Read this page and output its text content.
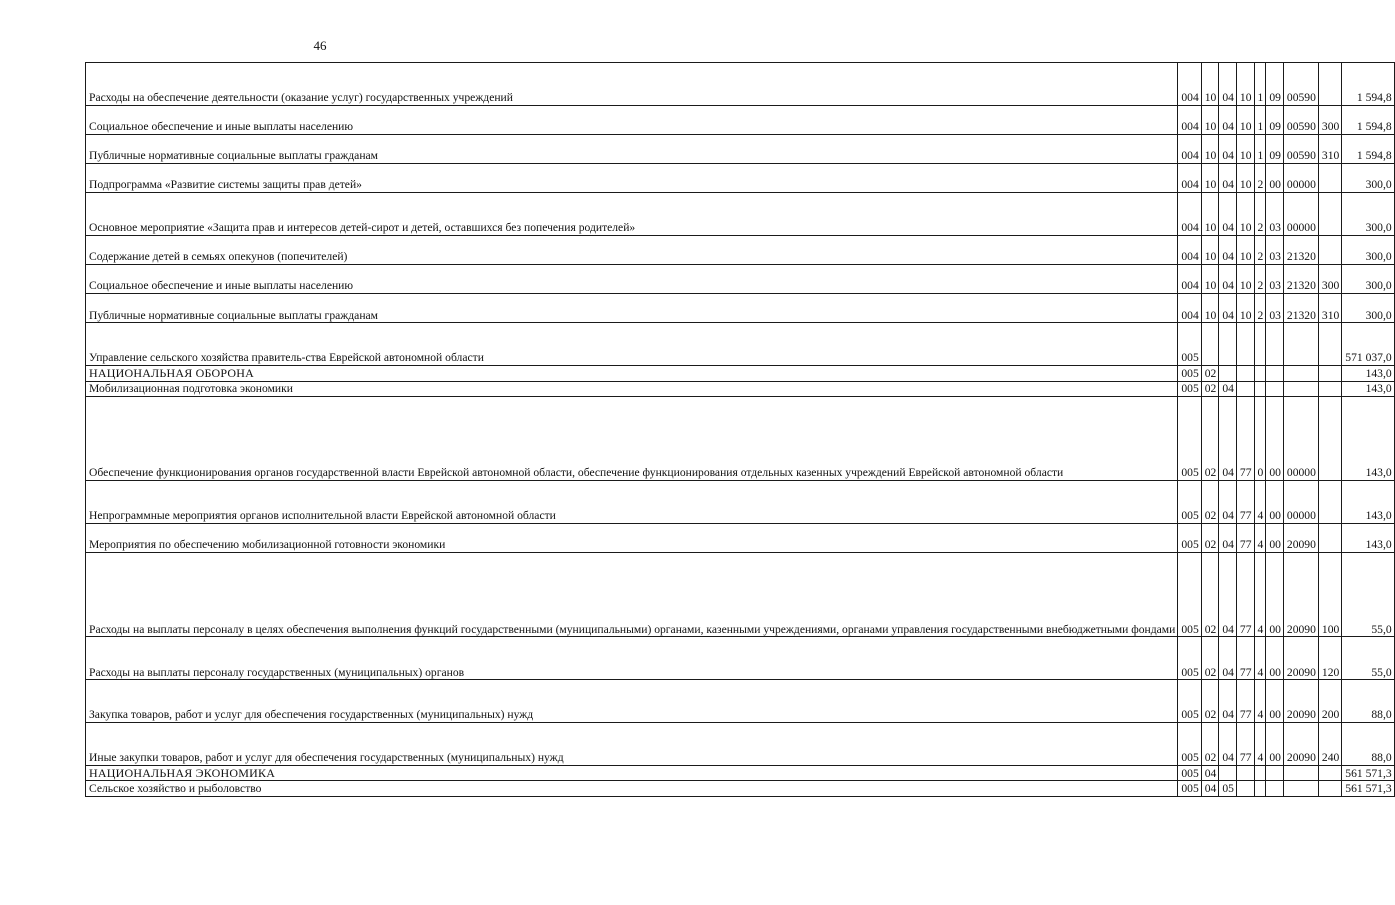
46
Расходы на обеспечение деятельности (оказание услуг) государственных учреждений	004	10	04	10	1	09	00590		1 594,8
Социальное обеспечение и иные выплаты населению	004	10	04	10	1	09	00590	300	1 594,8
Публичные нормативные социальные выплаты гражданам	004	10	04	10	1	09	00590	310	1 594,8
Подпрограмма «Развитие системы защиты прав детей»	004	10	04	10	2	00	00000		300,0
Основное мероприятие «Защита прав и интересов детей-сирот и детей, оставшихся без попечения родителей»	004	10	04	10	2	03	00000		300,0
Содержание детей в семьях опекунов (попечителей)	004	10	04	10	2	03	21320		300,0
Социальное обеспечение и иные выплаты населению	004	10	04	10	2	03	21320	300	300,0
Публичные нормативные социальные выплаты гражданам	004	10	04	10	2	03	21320	310	300,0
Управление сельского хозяйства правитель-ства Еврейской автономной области	005								571 037,0
НАЦИОНАЛЬНАЯ ОБОРОНА	005	02							143,0
Мобилизационная подготовка экономики	005	02	04						143,0
Обеспечение функционирования органов государственной власти Еврейской автономной области, обеспечение функционирования отдельных казенных учреждений Еврейской автономной области	005	02	04	77	0	00	00000		143,0
Непрограммные мероприятия органов исполнительной власти Еврейской автономной области	005	02	04	77	4	00	00000		143,0
Мероприятия по обеспечению мобилизационной готовности экономики	005	02	04	77	4	00	20090		143,0
Расходы на выплаты персоналу в целях обеспечения выполнения функций государственными (муниципальными) органами, казенными учреждениями, органами управления государственными внебюджетными фондами	005	02	04	77	4	00	20090	100	55,0
Расходы на выплаты персоналу государственных (муниципальных) органов	005	02	04	77	4	00	20090	120	55,0
Закупка товаров, работ и услуг для обеспечения государственных (муниципальных) нужд	005	02	04	77	4	00	20090	200	88,0
Иные закупки товаров, работ и услуг для обеспечения государственных (муниципальных) нужд	005	02	04	77	4	00	20090	240	88,0
НАЦИОНАЛЬНАЯ ЭКОНОМИКА	005	04							561 571,3
Сельское хозяйство и рыболовство	005	04	05						561 571,3
